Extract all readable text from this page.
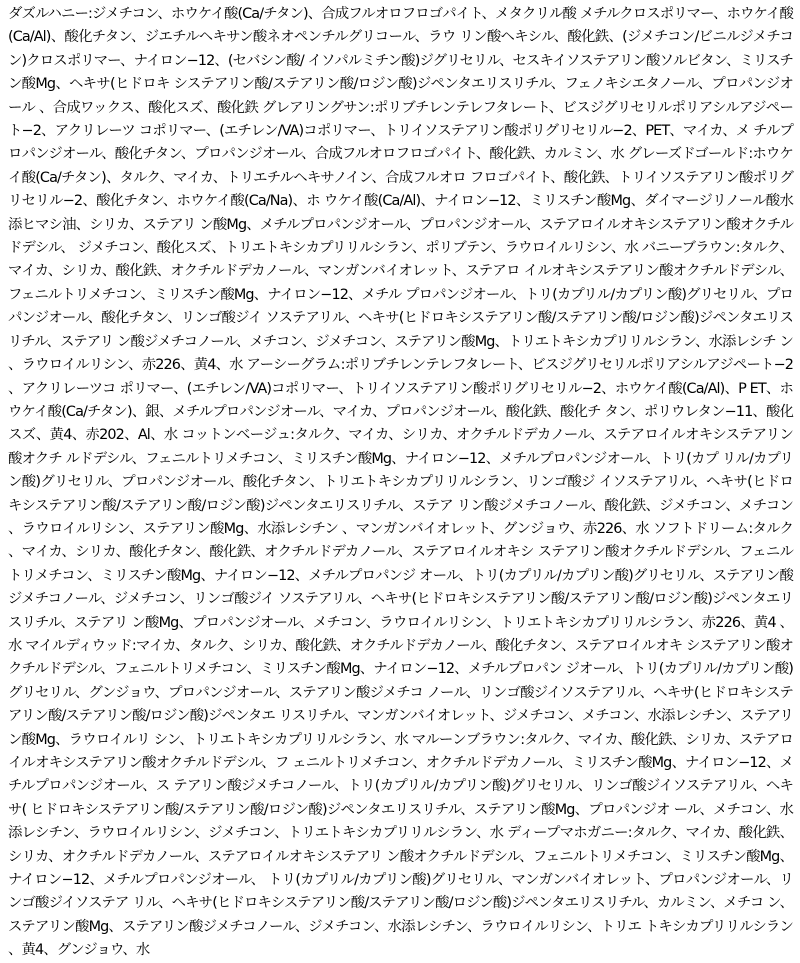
ダズルハニー:ジメチコン、ホウケイ酸(Ca/チタン)、合成フルオロフロゴパイト、メタクリル酸 メチルクロスポリマー、ホウケイ酸(Ca/Al)、酸化チタン、ジエチルヘキサン酸ネオペンチルグリコール、ラウ リン酸ヘキシル、酸化鉄、(ジメチコン/ビニルジメチコン)クロスポリマー、ナイロン−12、(セバシン酸/ イソパルミチン酸)ジグリセリル、セスキイソステアリン酸ソルビタン、ミリスチン酸Mg、ヘキサ(ヒドロキ システアリン酸/ステアリン酸/ロジン酸)ジペンタエリスリチル、フェノキシエタノール、プロパンジオール 、合成ワックス、酸化スズ、酸化鉄 グレアリングサン:ポリブチレンテレフタレート、ビスジグリセリルポリアシルアジペート−2、アクリレーツ コポリマー、(エチレン/VA)コポリマー、トリイソステアリン酸ポリグリセリル−2、PET、マイカ、メ チルプロパンジオール、酸化チタン、プロパンジオール、合成フルオロフロゴパイト、酸化鉄、カルミン、水 グレーズドゴールド:ホウケイ酸(Ca/チタン)、タルク、マイカ、トリエチルヘキサノイン、合成フルオロ フロゴパイト、酸化鉄、トリイソステアリン酸ポリグリセリル−2、酸化チタン、ホウケイ酸(Ca/Na)、ホ ウケイ酸(Ca/Al)、ナイロン−12、ミリスチン酸Mg、ダイマージリノール酸水添ヒマシ油、シリカ、ステアリ ン酸Mg、メチルプロパンジオール、プロパンジオール、ステアロイルオキシステアリン酸オクチルドデシル、 ジメチコン、酸化スズ、トリエトキシカプリリルシラン、ポリブテン、ラウロイルリシン、水 バニーブラウン:タルク、マイカ、シリカ、酸化鉄、オクチルドデカノール、マンガンバイオレット、ステアロ イルオキシステアリン酸オクチルドデシル、フェニルトリメチコン、ミリスチン酸Mg、ナイロン−12、メチル プロパンジオール、トリ(カプリル/カプリン酸)グリセリル、プロパンジオール、酸化チタン、リンゴ酸ジイ ソステアリル、ヘキサ(ヒドロキシステアリン酸/ステアリン酸/ロジン酸)ジペンタエリスリチル、ステアリ ン酸ジメチコノール、メチコン、ジメチコン、ステアリン酸Mg、トリエトキシカプリリルシラン、水添レシチ ン、ラウロイルリシン、赤226、黄4、水 アーシーグラム:ポリブチレンテレフタレート、ビスジグリセリルポリアシルアジペート−2、アクリレーツコ ポリマー、(エチレン/VA)コポリマー、トリイソステアリン酸ポリグリセリル−2、ホウケイ酸(Ca/Al)、P ET、ホウケイ酸(Ca/チタン)、銀、メチルプロパンジオール、マイカ、プロパンジオール、酸化鉄、酸化チ タン、ポリウレタン−11、酸化スズ、黄4、赤202、Al、水 コットンベージュ:タルク、マイカ、シリカ、オクチルドデカノール、ステアロイルオキシステアリン酸オクチ ルドデシル、フェニルトリメチコン、ミリスチン酸Mg、ナイロン−12、メチルプロパンジオール、トリ(カプ リル/カプリン酸)グリセリル、プロパンジオール、酸化チタン、トリエトキシカプリリルシラン、リンゴ酸ジ イソステアリル、ヘキサ(ヒドロキシステアリン酸/ステアリン酸/ロジン酸)ジペンタエリスリチル、ステア リン酸ジメチコノール、酸化鉄、ジメチコン、メチコン、ラウロイルリシン、ステアリン酸Mg、水添レシチン 、マンガンバイオレット、グンジョウ、赤226、水 ソフトドリーム:タルク、マイカ、シリカ、酸化チタン、酸化鉄、オクチルドデカノール、ステアロイルオキシ ステアリン酸オクチルドデシル、フェニルトリメチコン、ミリスチン酸Mg、ナイロン−12、メチルプロパンジ オール、トリ(カプリル/カプリン酸)グリセリル、ステアリン酸ジメチコノール、ジメチコン、リンゴ酸ジイ ソステアリル、ヘキサ(ヒドロキシステアリン酸/ステアリン酸/ロジン酸)ジペンタエリスリチル、ステアリ ン酸Mg、プロパンジオール、メチコン、ラウロイルリシン、トリエトキシカプリリルシラン、赤226、黄4 、水 マイルディウッド:マイカ、タルク、シリカ、酸化鉄、オクチルドデカノール、酸化チタン、ステアロイルオキ システアリン酸オクチルドデシル、フェニルトリメチコン、ミリスチン酸Mg、ナイロン−12、メチルプロパン ジオール、トリ(カプリル/カプリン酸)グリセリル、グンジョウ、プロパンジオール、ステアリン酸ジメチコ ノール、リンゴ酸ジイソステアリル、ヘキサ(ヒドロキシステアリン酸/ステアリン酸/ロジン酸)ジペンタエ リスリチル、マンガンバイオレット、ジメチコン、メチコン、水添レシチン、ステアリン酸Mg、ラウロイルリ シン、トリエトキシカプリリルシラン、水 マルーンブラウン:タルク、マイカ、酸化鉄、シリカ、ステアロイルオキシステアリン酸オクチルドデシル、フ ェニルトリメチコン、オクチルドデカノール、ミリスチン酸Mg、ナイロン−12、メチルプロパンジオール、ス テアリン酸ジメチコノール、トリ(カプリル/カプリン酸)グリセリル、リンゴ酸ジイソステアリル、ヘキサ( ヒドロキシステアリン酸/ステアリン酸/ロジン酸)ジペンタエリスリチル、ステアリン酸Mg、プロパンジオ ール、メチコン、水添レシチン、ラウロイルリシン、ジメチコン、トリエトキシカプリリルシラン、水 ディープマホガニー:タルク、マイカ、酸化鉄、シリカ、オクチルドデカノール、ステアロイルオキシステアリ ン酸オクチルドデシル、フェニルトリメチコン、ミリスチン酸Mg、ナイロン−12、メチルプロパンジオール、 トリ(カプリル/カプリン酸)グリセリル、マンガンバイオレット、プロパンジオール、リンゴ酸ジイソステア リル、ヘキサ(ヒドロキシステアリン酸/ステアリン酸/ロジン酸)ジペンタエリスリチル、カルミン、メチコ ン、ステアリン酸Mg、ステアリン酸ジメチコノール、ジメチコン、水添レシチン、ラウロイルリシン、トリエ トキシカプリリルシラン、黄4、グンジョウ、水
